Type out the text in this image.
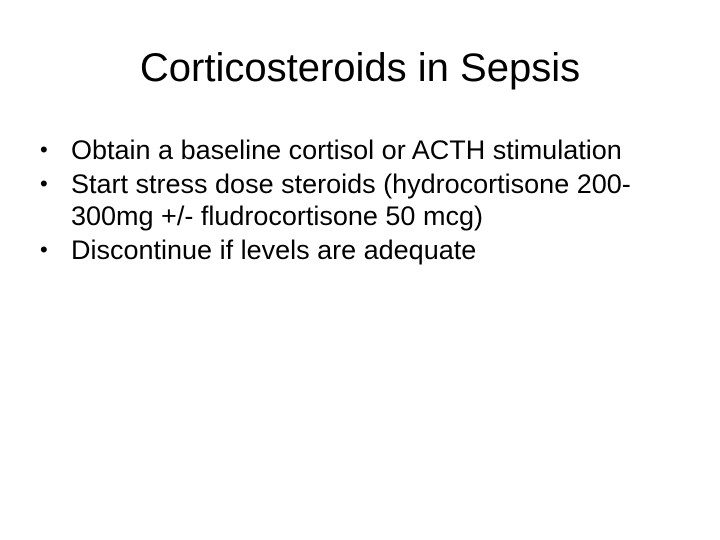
Corticosteroids in Sepsis
• Obtain a baseline cortisol or ACTH stimulation
• Start stress dose steroids (hydrocortisone 200-300mg +/- fludrocortisone 50 mcg)
• Discontinue if levels are adequate
